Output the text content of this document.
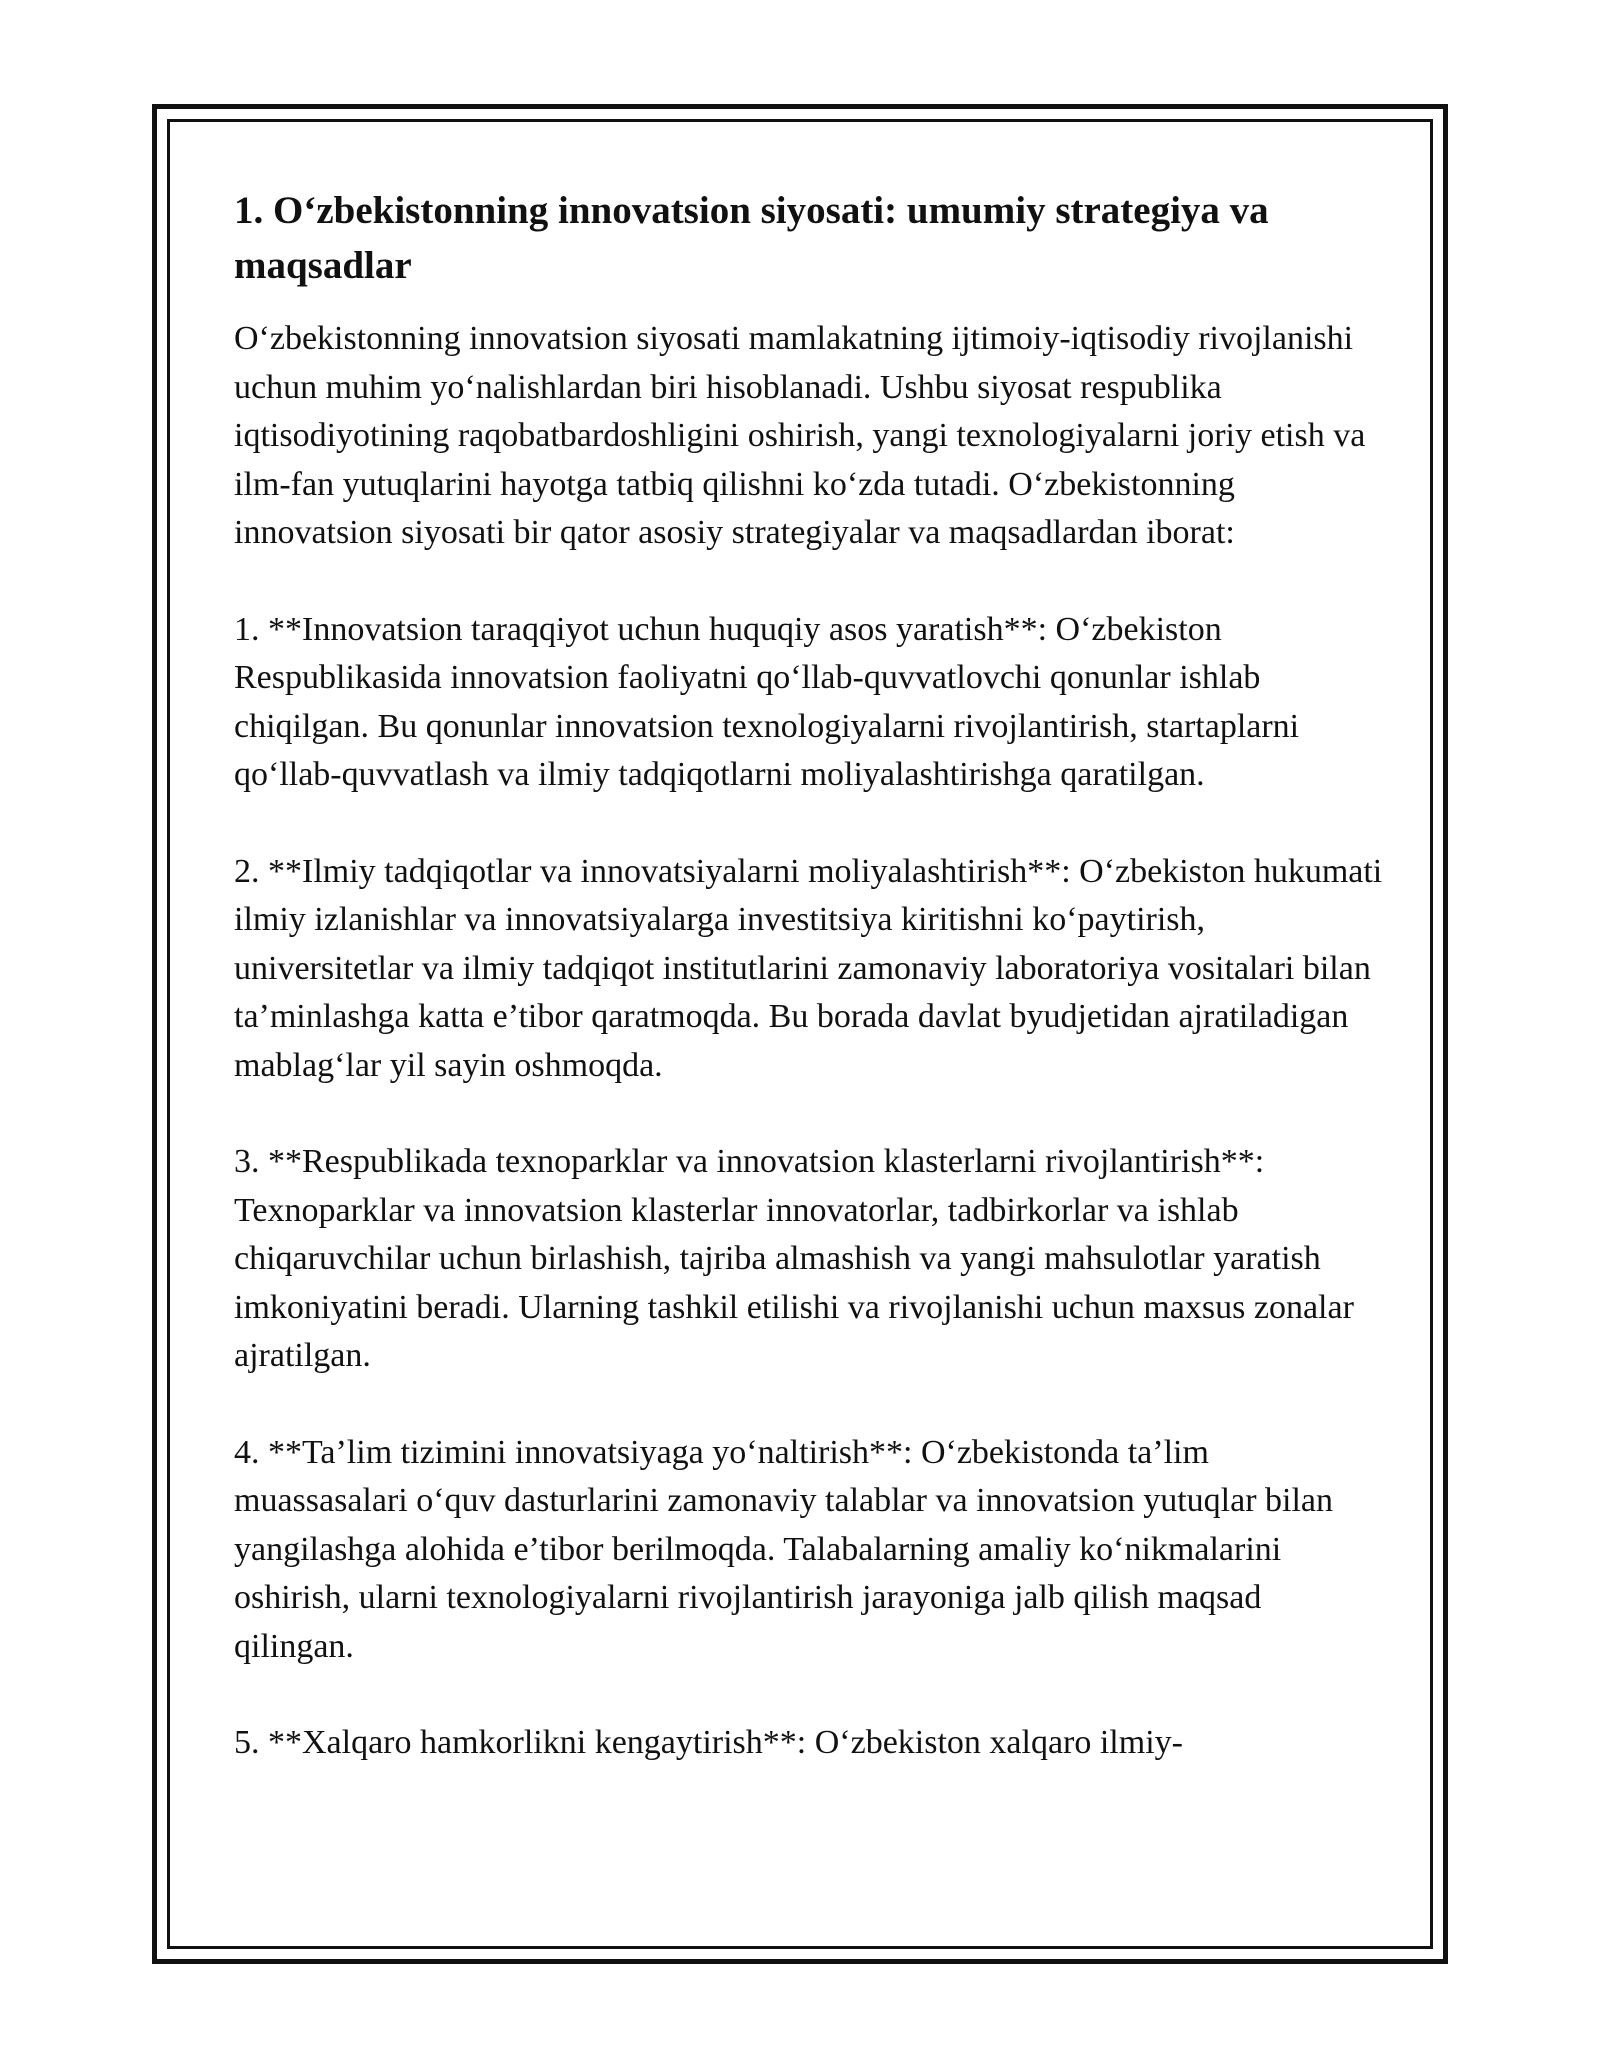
1. O‘zbekistonning innovatsion siyosati: umumiy strategiya va maqsadlar

O‘zbekistonning innovatsion siyosati mamlakatning ijtimoiy-iqtisodiy rivojlanishi uchun muhim yo‘nalishlardan biri hisoblanadi. Ushbu siyosat respublika iqtisodiyotining raqobatbardoshligini oshirish, yangi texnologiyalarni joriy etish va ilm-fan yutuqlarini hayotga tatbiq qilishni ko‘zda tutadi. O‘zbekistonning innovatsion siyosati bir qator asosiy strategiyalar va maqsadlardan iborat:

1. **Innovatsion taraqqiyot uchun huquqiy asos yaratish**: O‘zbekiston Respublikasida innovatsion faoliyatni qo‘llab-quvvatlovchi qonunlar ishlab chiqilgan. Bu qonunlar innovatsion texnologiyalarni rivojlantirish, startaplarni qo‘llab-quvvatlash va ilmiy tadqiqotlarni moliyalashtirishga qaratilgan.

2. **Ilmiy tadqiqotlar va innovatsiyalarni moliyalashtirish**: O‘zbekiston hukumati ilmiy izlanishlar va innovatsiyalarga investitsiya kiritishni ko‘paytirish, universitetlar va ilmiy tadqiqot institutlarini zamonaviy laboratoriya vositalari bilan ta’minlashga katta e’tibor qaratmoqda. Bu borada davlat byudjetidan ajratiladigan mablag‘lar yil sayin oshmoqda.

3. **Respublikada texnoparklar va innovatsion klasterlarni rivojlantirish**: Texnoparklar va innovatsion klasterlar innovatorlar, tadbirkorlar va ishlab chiqaruvchilar uchun birlashish, tajriba almashish va yangi mahsulotlar yaratish imkoniyatini beradi. Ularning tashkil etilishi va rivojlanishi uchun maxsus zonalar ajratilgan.

4. **Ta’lim tizimini innovatsiyaga yo‘naltirish**: O‘zbekistonda ta’lim muassasalari o‘quv dasturlarini zamonaviy talablar va innovatsion yutuqlar bilan yangilashga alohida e’tibor berilmoqda. Talabalarning amaliy ko‘nikmalarini oshirish, ularni texnologiyalarni rivojlantirish jarayoniga jalb qilish maqsad qilingan.

5. **Xalqaro hamkorlikni kengaytirish**: O‘zbekiston xalqaro ilmiy-
